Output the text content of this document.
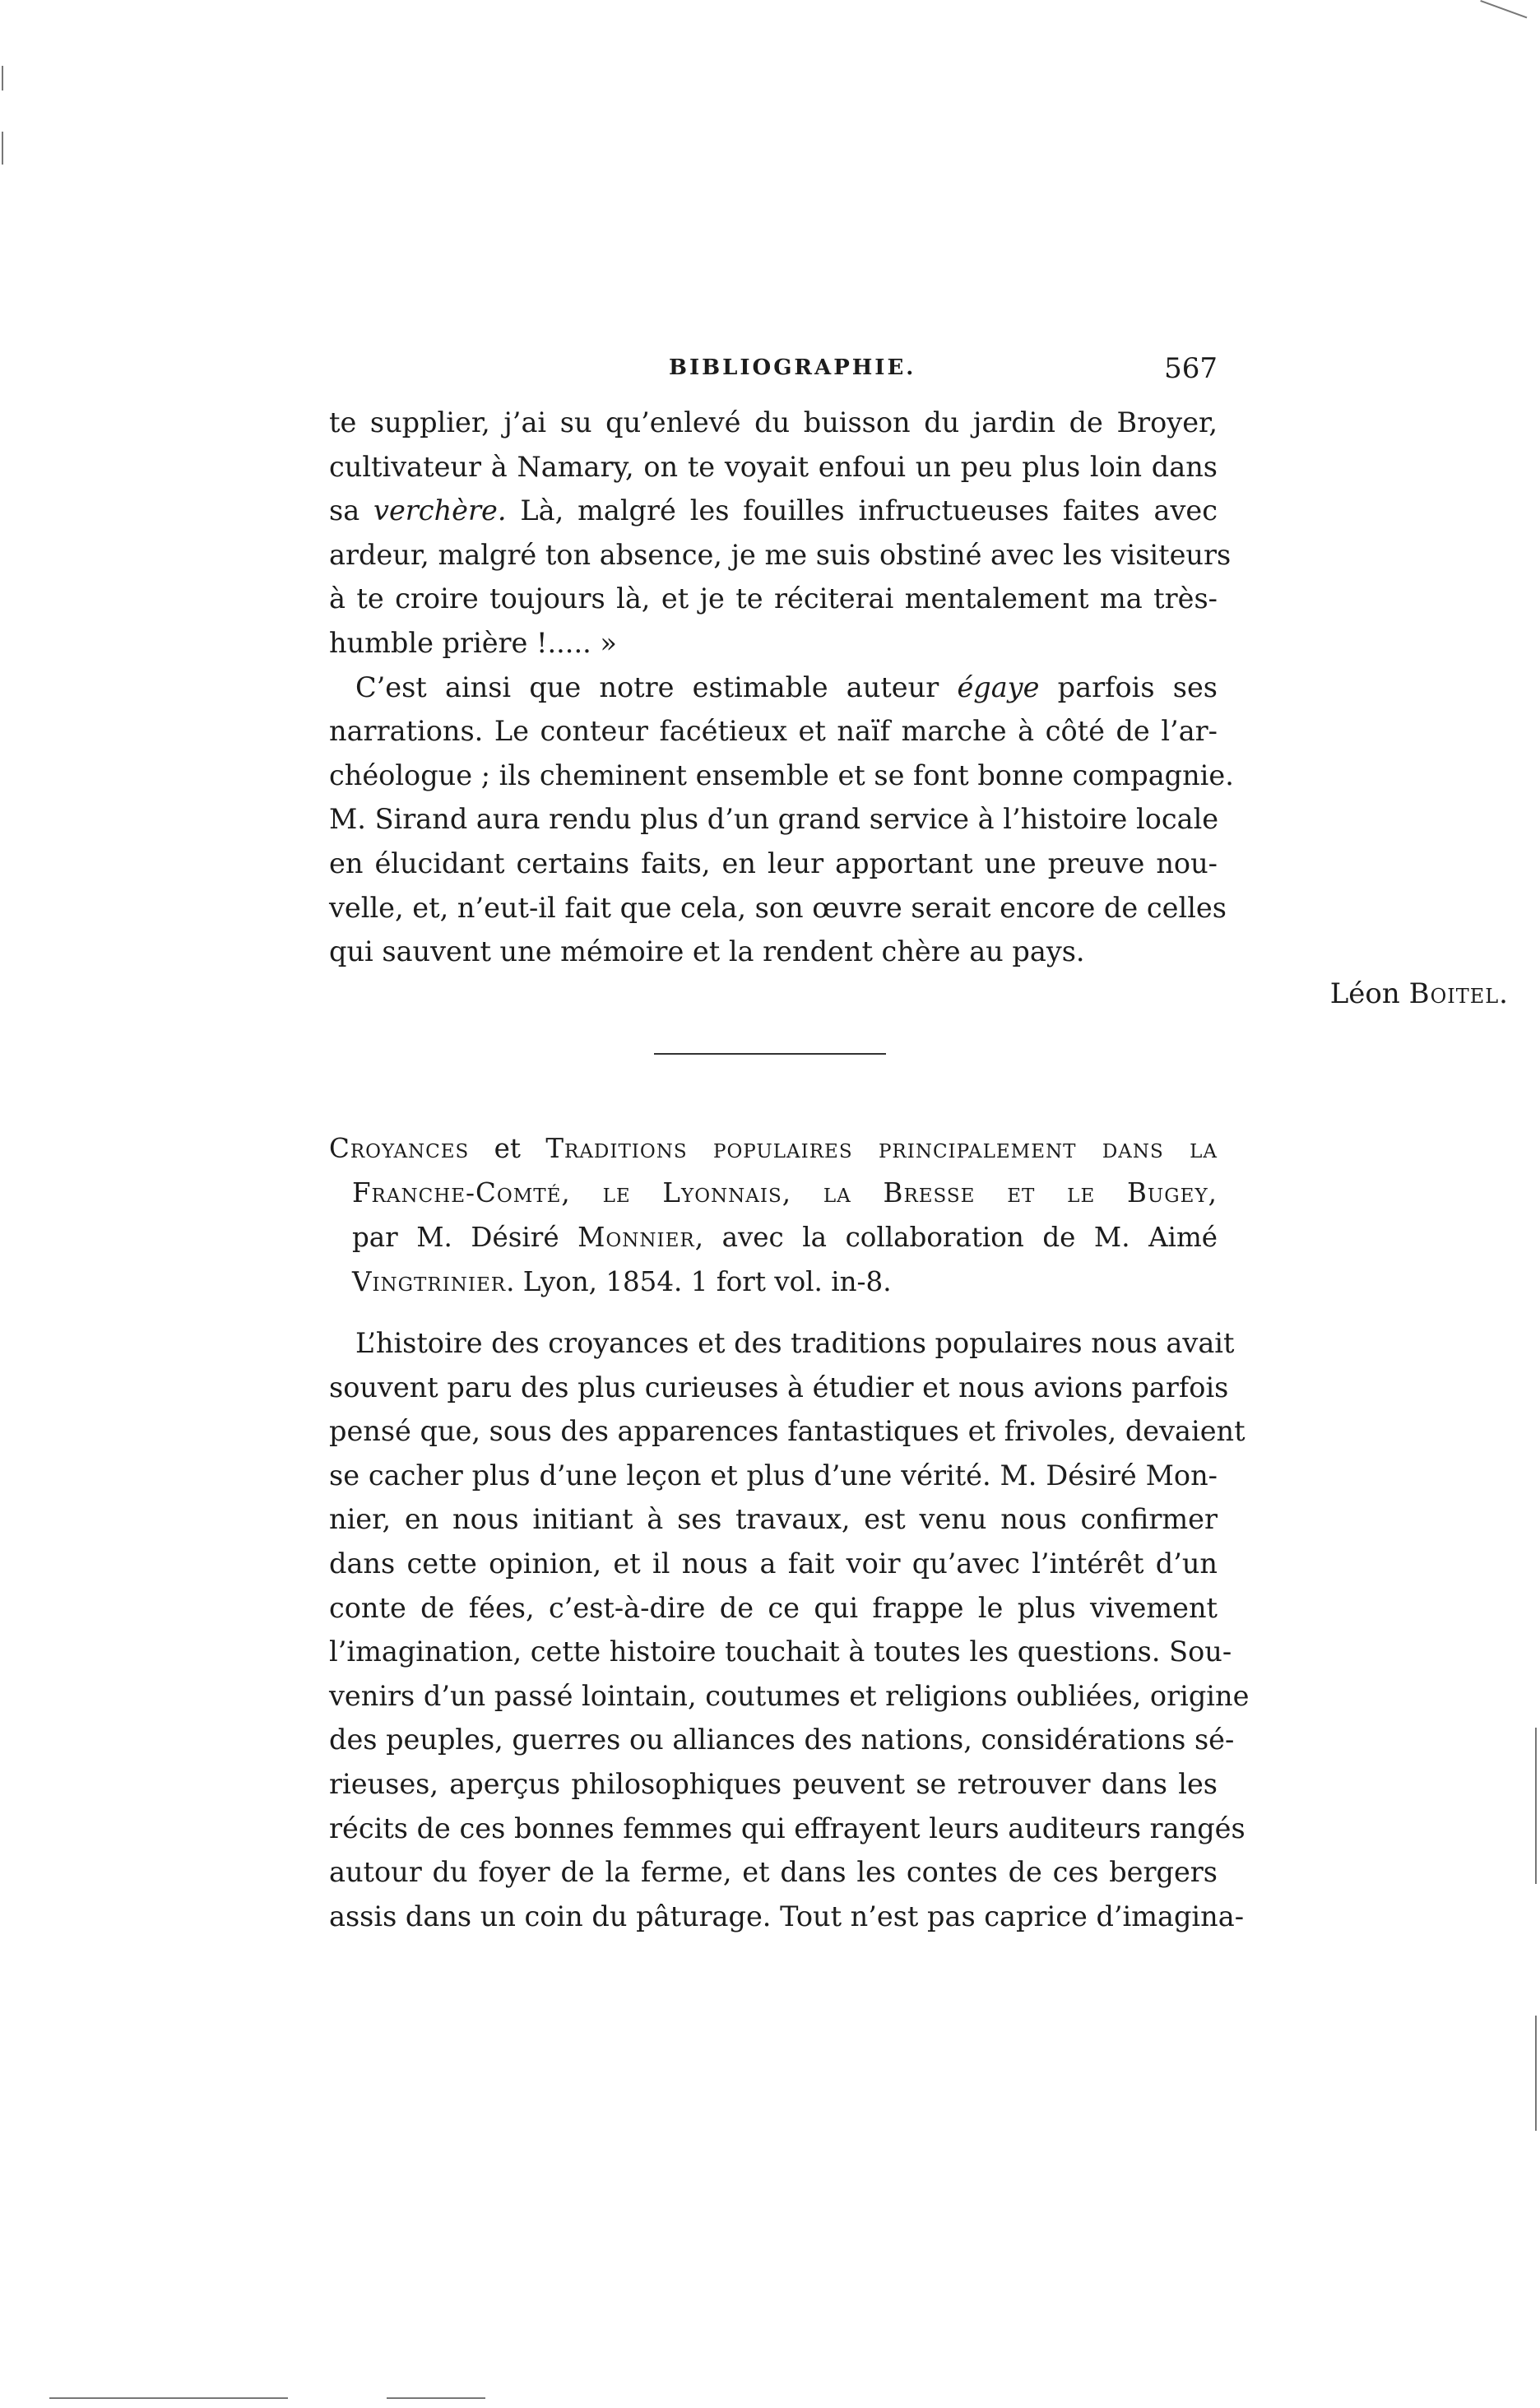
BIBLIOGRAPHIE.	567
te supplier, j’ai su qu’enlevé du buisson du jardin de Broyer,
cultivateur à Namary, on te voyait enfoui un peu plus loin dans
sa verchère. Là, malgré les fouilles infructueuses faites avec
ardeur, malgré ton absence, je me suis obstiné avec les visiteurs
à te croire toujours là, et je te réciterai mentalement ma très-
humble prière !..... »
C’est ainsi que notre estimable auteur égaye parfois ses
narrations. Le conteur facétieux et naïf marche à côté de l’ar-
chéologue ; ils cheminent ensemble et se font bonne compagnie.
M. Sirand aura rendu plus d’un grand service à l’histoire locale
en élucidant certains faits, en leur apportant une preuve nou-
velle, et, n’eut-il fait que cela, son œuvre serait encore de celles
qui sauvent une mémoire et la rendent chère au pays.
Léon Boitel.
Croyances et Traditions populaires principalement dans la
Franche-Comté, le Lyonnais, la Bresse et le Bugey,
par M. Désiré Monnier, avec la collaboration de M. Aimé
Vingtrinier. Lyon, 1854. 1 fort vol. in-8.
L’histoire des croyances et des traditions populaires nous avait
souvent paru des plus curieuses à étudier et nous avions parfois
pensé que, sous des apparences fantastiques et frivoles, devaient
se cacher plus d’une leçon et plus d’une vérité. M. Désiré Mon-
nier, en nous initiant à ses travaux, est venu nous confirmer
dans cette opinion, et il nous a fait voir qu’avec l’intérêt d’un
conte de fées, c’est-à-dire de ce qui frappe le plus vivement
l’imagination, cette histoire touchait à toutes les questions. Sou-
venirs d’un passé lointain, coutumes et religions oubliées, origine
des peuples, guerres ou alliances des nations, considérations sé-
rieuses, aperçus philosophiques peuvent se retrouver dans les
récits de ces bonnes femmes qui effrayent leurs auditeurs rangés
autour du foyer de la ferme, et dans les contes de ces bergers
assis dans un coin du pâturage. Tout n’est pas caprice d’imagina-
